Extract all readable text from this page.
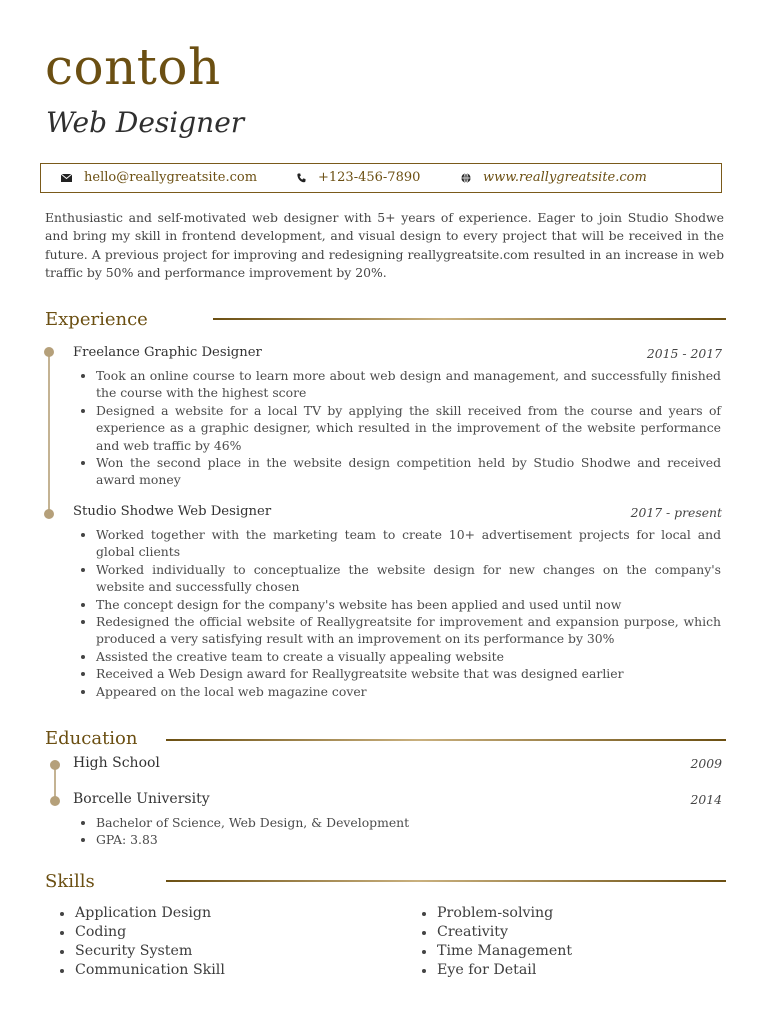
contoh
Web Designer
hello@reallygreatsite.com	+123-456-7890	www.reallygreatsite.com

Enthusiastic and self-motivated web designer with 5+ years of experience. Eager to join Studio Shodwe and bring my skill in frontend development, and visual design to every project that will be received in the future. A previous project for improving and redesigning reallygreatsite.com resulted in an increase in web traffic by 50% and performance improvement by 20%.

Experience
Freelance Graphic Designer	2015 - 2017
Took an online course to learn more about web design and management, and successfully finished the course with the highest score
Designed a website for a local TV by applying the skill received from the course and years of experience as a graphic designer, which resulted in the improvement of the website performance and web traffic by 46%
Won the second place in the website design competition held by Studio Shodwe and received award money
Studio Shodwe Web Designer	2017 - present
Worked together with the marketing team to create 10+ advertisement projects for local and global clients
Worked individually to conceptualize the website design for new changes on the company's website and successfully chosen
The concept design for the company's website has been applied and used until now
Redesigned the official website of Reallygreatsite for improvement and expansion purpose, which produced a very satisfying result with an improvement on its performance by 30%
Assisted the creative team to create a visually appealing website
Received a Web Design award for Reallygreatsite website that was designed earlier
Appeared on the local web magazine cover
Education
High School	2009
Borcelle University	2014
Bachelor of Science, Web Design, & Development
GPA: 3.83
Skills
Application Design
Coding
Security System
Communication Skill
Problem-solving
Creativity
Time Management
Eye for Detail
